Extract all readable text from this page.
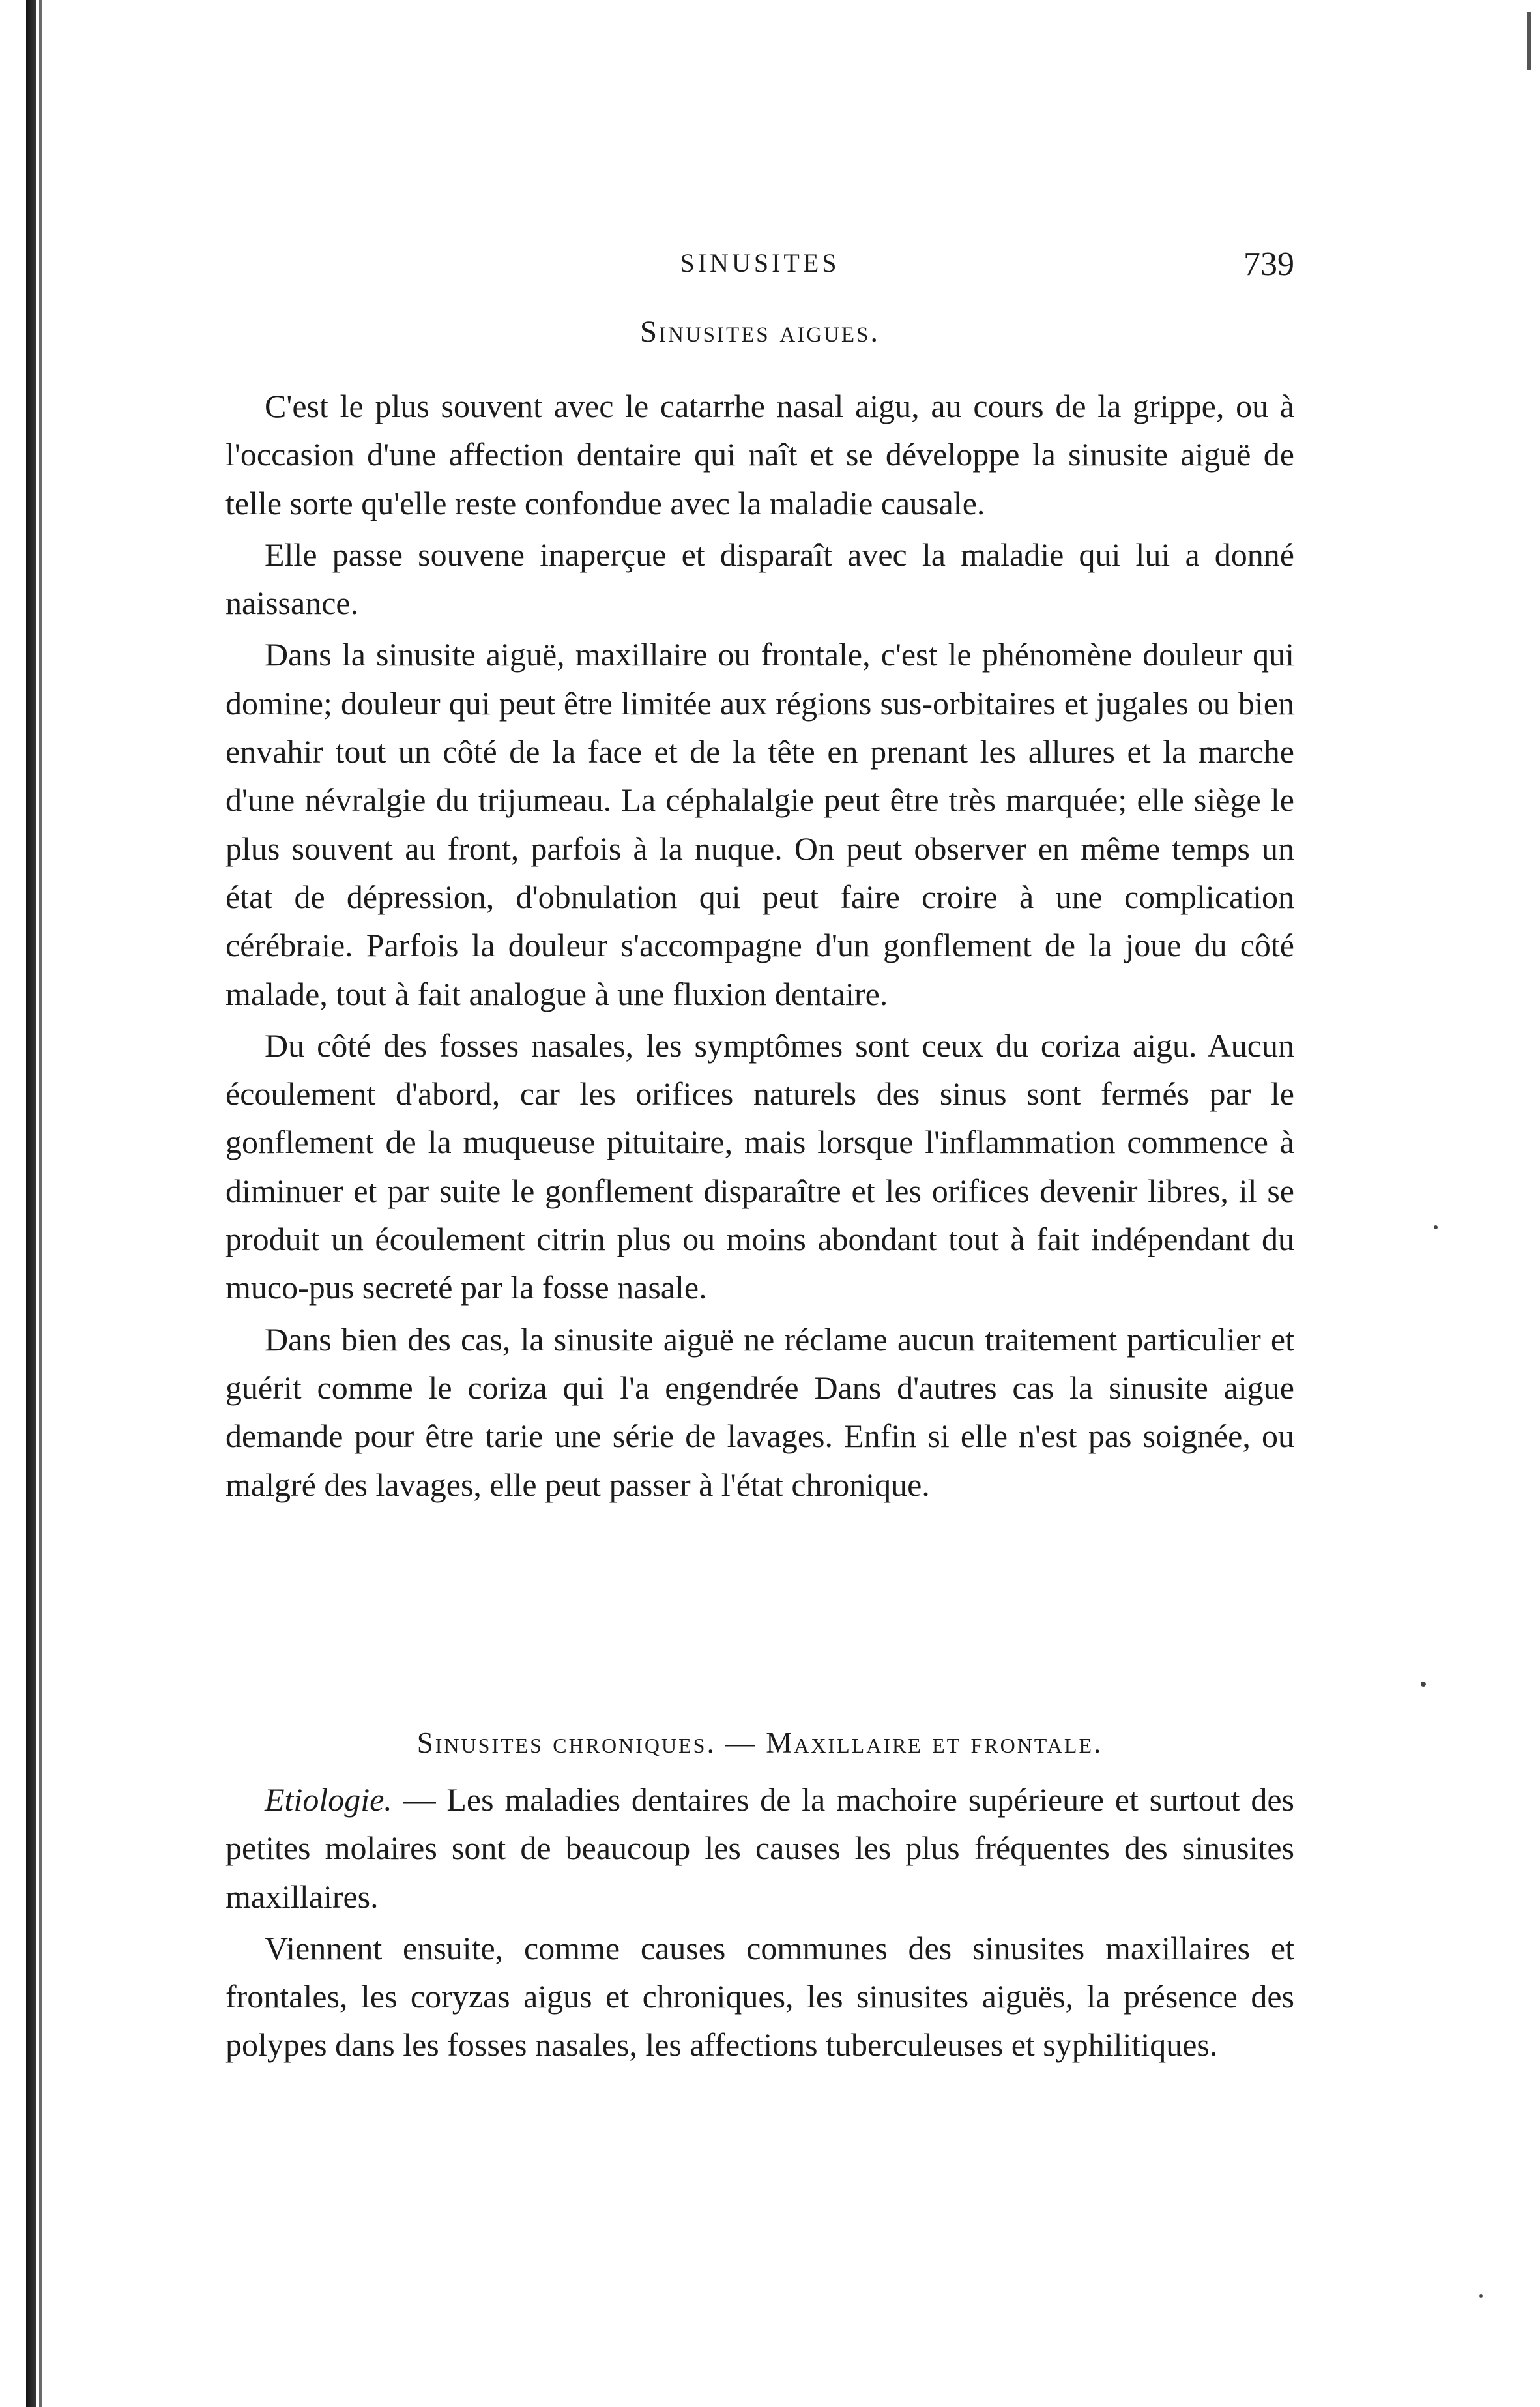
SINUSITES	739
Sinusites aigues.

C'est le plus souvent avec le catarrhe nasal aigu, au cours de la grippe, ou à l'occasion d'une affection dentaire qui naît et se développe la sinusite aiguë de telle sorte qu'elle reste confondue avec la maladie causale.

Elle passe souvene inaperçue et disparaît avec la maladie qui lui a donné naissance.

Dans la sinusite aiguë, maxillaire ou frontale, c'est le phénomène douleur qui domine; douleur qui peut être limitée aux régions sus-orbitaires et jugales ou bien envahir tout un côté de la face et de la tête en prenant les allures et la marche d'une névralgie du trijumeau. La céphalalgie peut être très marquée; elle siège le plus souvent au front, parfois à la nuque. On peut observer en même temps un état de dépression, d'obnulation qui peut faire croire à une complication cérébraie. Parfois la douleur s'accompagne d'un gonflement de la joue du côté malade, tout à fait analogue à une fluxion dentaire.

Du côté des fosses nasales, les symptômes sont ceux du coriza aigu. Aucun écoulement d'abord, car les orifices naturels des sinus sont fermés par le gonflement de la muqueuse pituitaire, mais lorsque l'inflammation commence à diminuer et par suite le gonflement disparaître et les orifices devenir libres, il se produit un écoulement citrin plus ou moins abondant tout à fait indépendant du muco-pus secreté par la fosse nasale.

Dans bien des cas, la sinusite aiguë ne réclame aucun traitement particulier et guérit comme le coriza qui l'a engendrée Dans d'autres cas la sinusite aigue demande pour être tarie une série de lavages. Enfin si elle n'est pas soignée, ou malgré des lavages, elle peut passer à l'état chronique.

Sinusites chroniques. — Maxillaire et frontale.

Etiologie. — Les maladies dentaires de la machoire supérieure et surtout des petites molaires sont de beaucoup les causes les plus fréquentes des sinusites maxillaires.

Viennent ensuite, comme causes communes des sinusites maxillaires et frontales, les coryzas aigus et chroniques, les sinusites aiguës, la présence des polypes dans les fosses nasales, les affections tuberculeuses et syphilitiques.
